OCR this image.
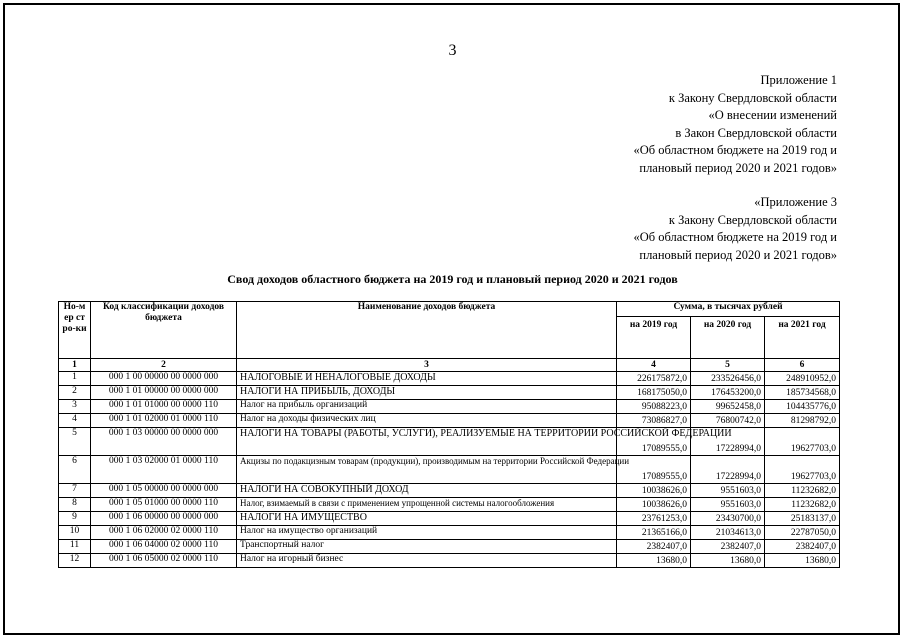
3
Приложение 1
к Закону Свердловской области
«О внесении изменений
в Закон Свердловской области
«Об областном бюджете на 2019 год и
плановый период 2020 и 2021 годов»
«Приложение 3
к Закону Свердловской области
«Об областном бюджете на 2019 год и
плановый период 2020 и 2021 годов»
Свод доходов областного бюджета на 2019 год и плановый период 2020 и 2021 годов
Но-мер стро-ки	Код классификации доходов бюджета	Наименование доходов бюджета	Сумма, в тысячах рублей		
			на 2019 год	на 2020 год	на 2021 год
1	2	3	4	5	6
1	000 1 00 00000 00 0000 000	НАЛОГОВЫЕ И НЕНАЛОГОВЫЕ ДОХОДЫ	226175872,0	233526456,0	248910952,0
2	000 1 01 00000 00 0000 000	НАЛОГИ НА ПРИБЫЛЬ, ДОХОДЫ	168175050,0	176453200,0	185734568,0
3	000 1 01 01000 00 0000 110	Налог на прибыль организаций	95088223,0	99652458,0	104435776,0
4	000 1 01 02000 01 0000 110	Налог на доходы физических лиц	73086827,0	76800742,0	81298792,0
5	000 1 03 00000 00 0000 000	НАЛОГИ НА ТОВАРЫ (РАБОТЫ, УСЛУГИ), РЕАЛИЗУЕМЫЕ НА ТЕРРИТОРИИ РОССИЙСКОЙ ФЕДЕРАЦИИ	17089555,0	17228994,0	19627703,0
6	000 1 03 02000 01 0000 110	Акцизы по подакцизным товарам (продукции), производимым на территории Российской Федерации	17089555,0	17228994,0	19627703,0
7	000 1 05 00000 00 0000 000	НАЛОГИ НА СОВОКУПНЫЙ ДОХОД	10038626,0	9551603,0	11232682,0
8	000 1 05 01000 00 0000 110	Налог, взимаемый в связи с применением упрощенной системы налогообложения	10038626,0	9551603,0	11232682,0
9	000 1 06 00000 00 0000 000	НАЛОГИ НА ИМУЩЕСТВО	23761253,0	23430700,0	25183137,0
10	000 1 06 02000 02 0000 110	Налог на имущество организаций	21365166,0	21034613,0	22787050,0
11	000 1 06 04000 02 0000 110	Транспортный налог	2382407,0	2382407,0	2382407,0
12	000 1 06 05000 02 0000 110	Налог на игорный бизнес	13680,0	13680,0	13680,0
